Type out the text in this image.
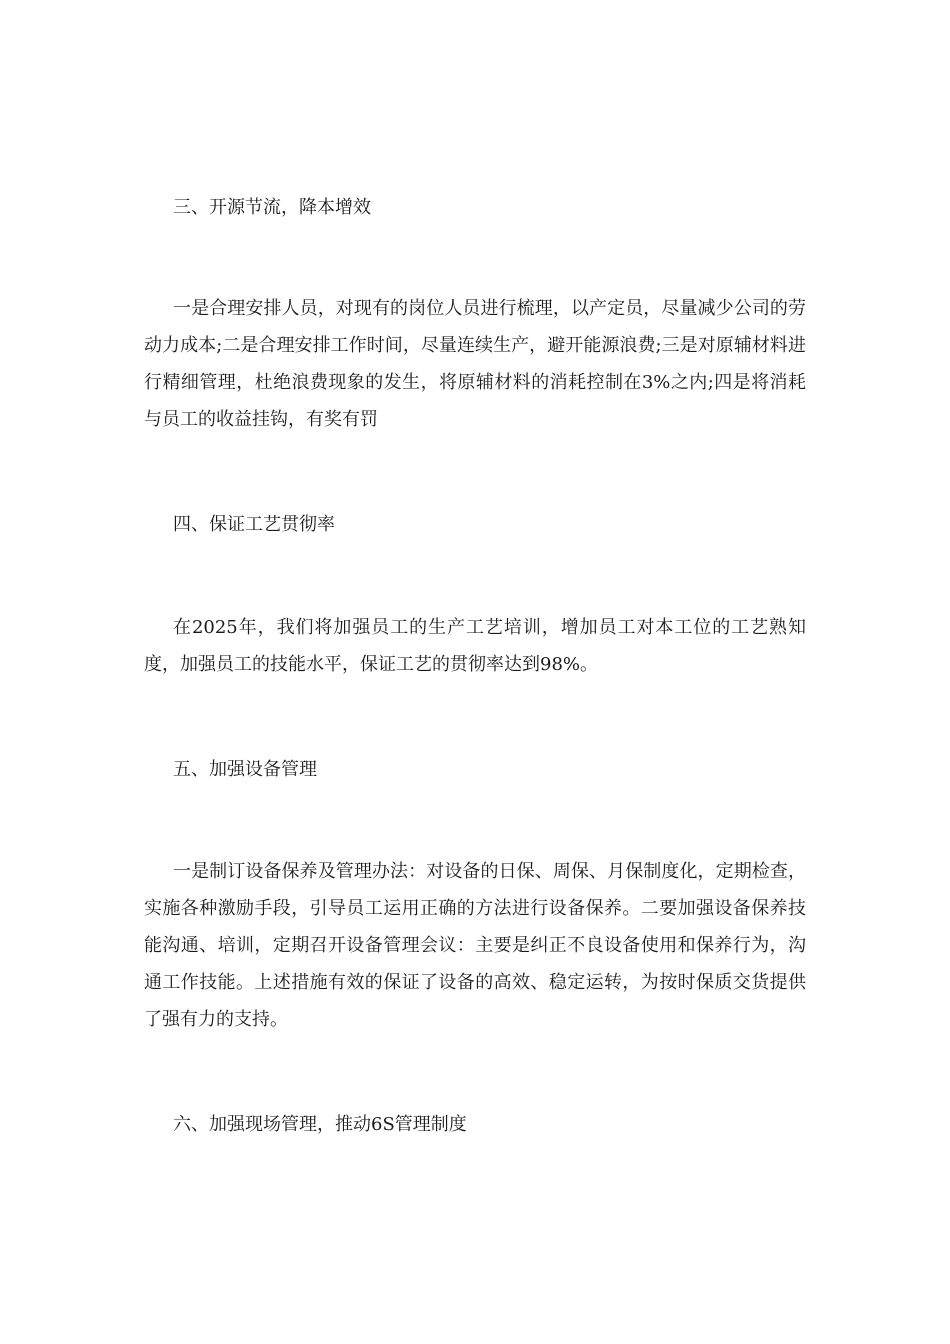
三、开源节流，降本增效

一是合理安排人员，对现有的岗位人员进行梳理，以产定员，尽量减少公司的劳动力成本;二是合理安排工作时间，尽量连续生产，避开能源浪费;三是对原辅材料进行精细管理，杜绝浪费现象的发生，将原辅材料的消耗控制在3%之内;四是将消耗与员工的收益挂钩，有奖有罚

四、保证工艺贯彻率

在2025年，我们将加强员工的生产工艺培训，增加员工对本工位的工艺熟知度，加强员工的技能水平，保证工艺的贯彻率达到98%。

五、加强设备管理

一是制订设备保养及管理办法：对设备的日保、周保、月保制度化，定期检查，实施各种激励手段，引导员工运用正确的方法进行设备保养。二要加强设备保养技能沟通、培训，定期召开设备管理会议：主要是纠正不良设备使用和保养行为，沟通工作技能。上述措施有效的保证了设备的高效、稳定运转，为按时保质交货提供了强有力的支持。

六、加强现场管理，推动6S管理制度
